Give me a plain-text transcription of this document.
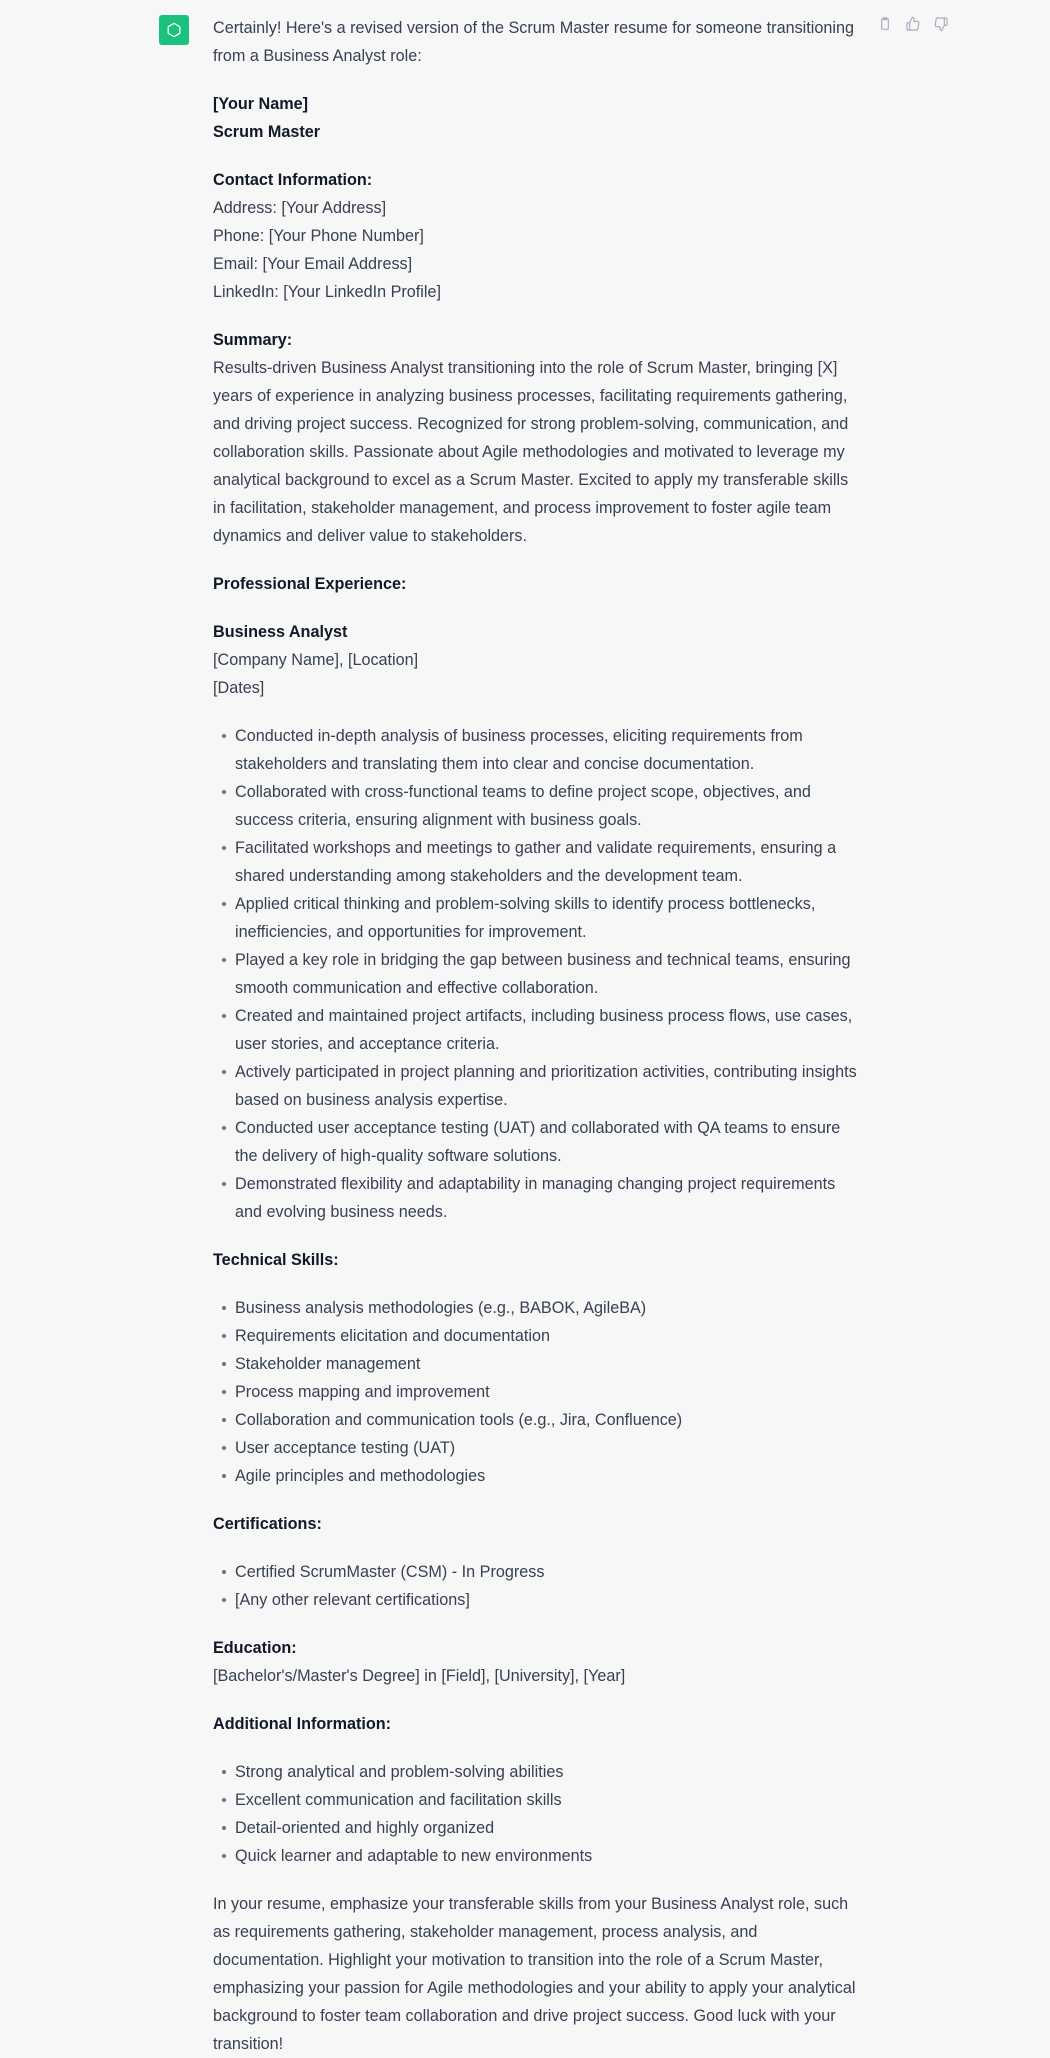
Certainly! Here's a revised version of the Scrum Master resume for someone transitioning from a Business Analyst role:

[Your Name]
Scrum Master

Contact Information:
Address: [Your Address]
Phone: [Your Phone Number]
Email: [Your Email Address]
LinkedIn: [Your LinkedIn Profile]

Summary:
Results-driven Business Analyst transitioning into the role of Scrum Master, bringing [X] years of experience in analyzing business processes, facilitating requirements gathering, and driving project success. Recognized for strong problem-solving, communication, and collaboration skills. Passionate about Agile methodologies and motivated to leverage my analytical background to excel as a Scrum Master. Excited to apply my transferable skills in facilitation, stakeholder management, and process improvement to foster agile team dynamics and deliver value to stakeholders.

Professional Experience:

Business Analyst
[Company Name], [Location]
[Dates]

Conducted in-depth analysis of business processes, eliciting requirements from stakeholders and translating them into clear and concise documentation.
Collaborated with cross-functional teams to define project scope, objectives, and success criteria, ensuring alignment with business goals.
Facilitated workshops and meetings to gather and validate requirements, ensuring a shared understanding among stakeholders and the development team.
Applied critical thinking and problem-solving skills to identify process bottlenecks, inefficiencies, and opportunities for improvement.
Played a key role in bridging the gap between business and technical teams, ensuring smooth communication and effective collaboration.
Created and maintained project artifacts, including business process flows, use cases, user stories, and acceptance criteria.
Actively participated in project planning and prioritization activities, contributing insights based on business analysis expertise.
Conducted user acceptance testing (UAT) and collaborated with QA teams to ensure the delivery of high-quality software solutions.
Demonstrated flexibility and adaptability in managing changing project requirements and evolving business needs.

Technical Skills:

Business analysis methodologies (e.g., BABOK, AgileBA)
Requirements elicitation and documentation
Stakeholder management
Process mapping and improvement
Collaboration and communication tools (e.g., Jira, Confluence)
User acceptance testing (UAT)
Agile principles and methodologies

Certifications:

Certified ScrumMaster (CSM) - In Progress
[Any other relevant certifications]

Education:
[Bachelor's/Master's Degree] in [Field], [University], [Year]

Additional Information:

Strong analytical and problem-solving abilities
Excellent communication and facilitation skills
Detail-oriented and highly organized
Quick learner and adaptable to new environments

In your resume, emphasize your transferable skills from your Business Analyst role, such as requirements gathering, stakeholder management, process analysis, and documentation. Highlight your motivation to transition into the role of a Scrum Master, emphasizing your passion for Agile methodologies and your ability to apply your analytical background to foster team collaboration and drive project success. Good luck with your transition!
